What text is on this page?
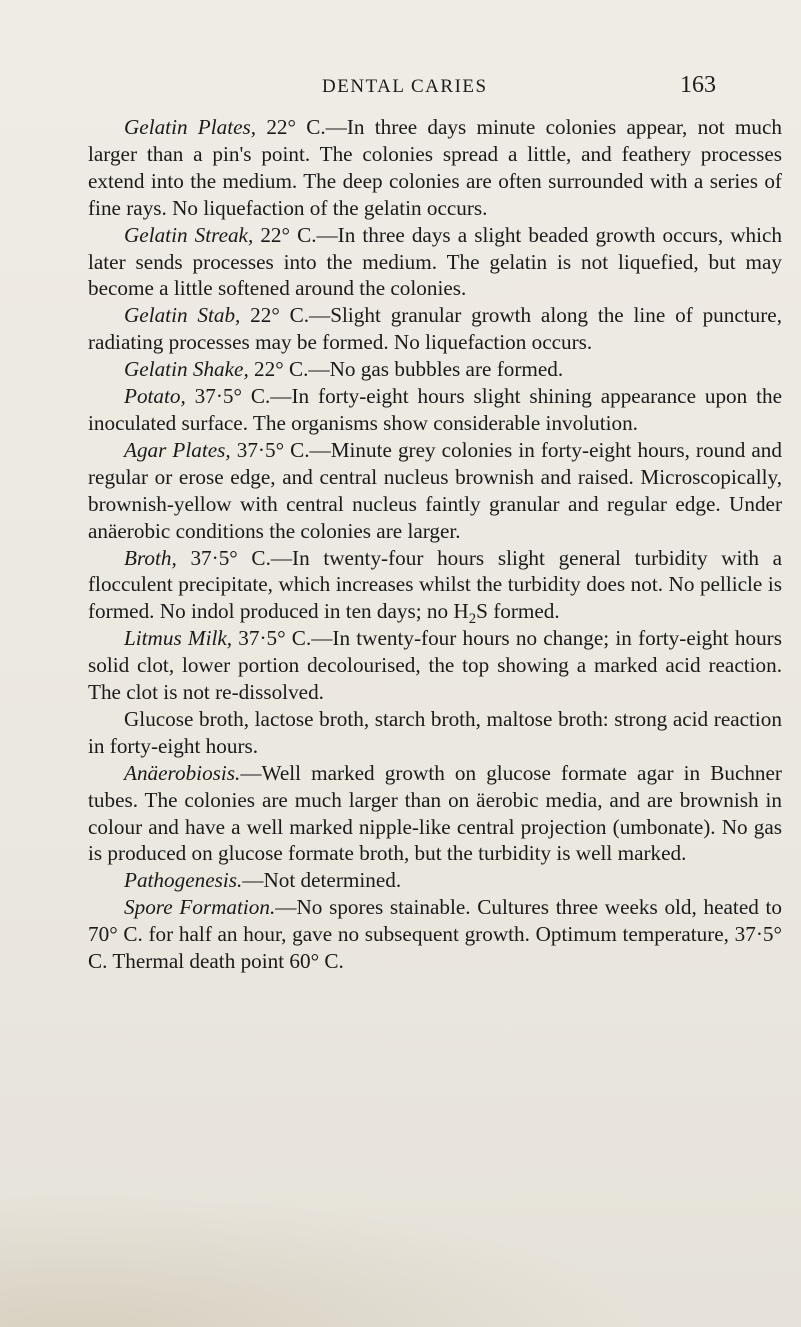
DENTAL CARIES	163

Gelatin Plates, 22° C.—In three days minute colonies appear, not much larger than a pin's point. The colonies spread a little, and feathery processes extend into the medium. The deep colonies are often surrounded with a series of fine rays. No liquefaction of the gelatin occurs.

Gelatin Streak, 22° C.—In three days a slight beaded growth occurs, which later sends processes into the medium. The gelatin is not liquefied, but may become a little softened around the colonies.

Gelatin Stab, 22° C.—Slight granular growth along the line of puncture, radiating processes may be formed. No liquefaction occurs.

Gelatin Shake, 22° C.—No gas bubbles are formed.

Potato, 37·5° C.—In forty-eight hours slight shining appearance upon the inoculated surface. The organisms show considerable involution.

Agar Plates, 37·5° C.—Minute grey colonies in forty-eight hours, round and regular or erose edge, and central nucleus brownish and raised. Microscopically, brownish-yellow with central nucleus faintly granular and regular edge. Under anäerobic conditions the colonies are larger.

Broth, 37·5° C.—In twenty-four hours slight general turbidity with a flocculent precipitate, which increases whilst the turbidity does not. No pellicle is formed. No indol produced in ten days; no $H_2S$ formed.

Litmus Milk, 37·5° C.—In twenty-four hours no change; in forty-eight hours solid clot, lower portion decolourised, the top showing a marked acid reaction. The clot is not re-dissolved.

Glucose broth, lactose broth, starch broth, maltose broth: strong acid reaction in forty-eight hours.

Anäerobiosis.—Well marked growth on glucose formate agar in Buchner tubes. The colonies are much larger than on äerobic media, and are brownish in colour and have a well marked nipple-like central projection (umbonate). No gas is produced on glucose formate broth, but the turbidity is well marked.

Pathogenesis.—Not determined.

Spore Formation.—No spores stainable. Cultures three weeks old, heated to 70° C. for half an hour, gave no subsequent growth. Optimum temperature, 37·5° C. Thermal death point 60° C.
